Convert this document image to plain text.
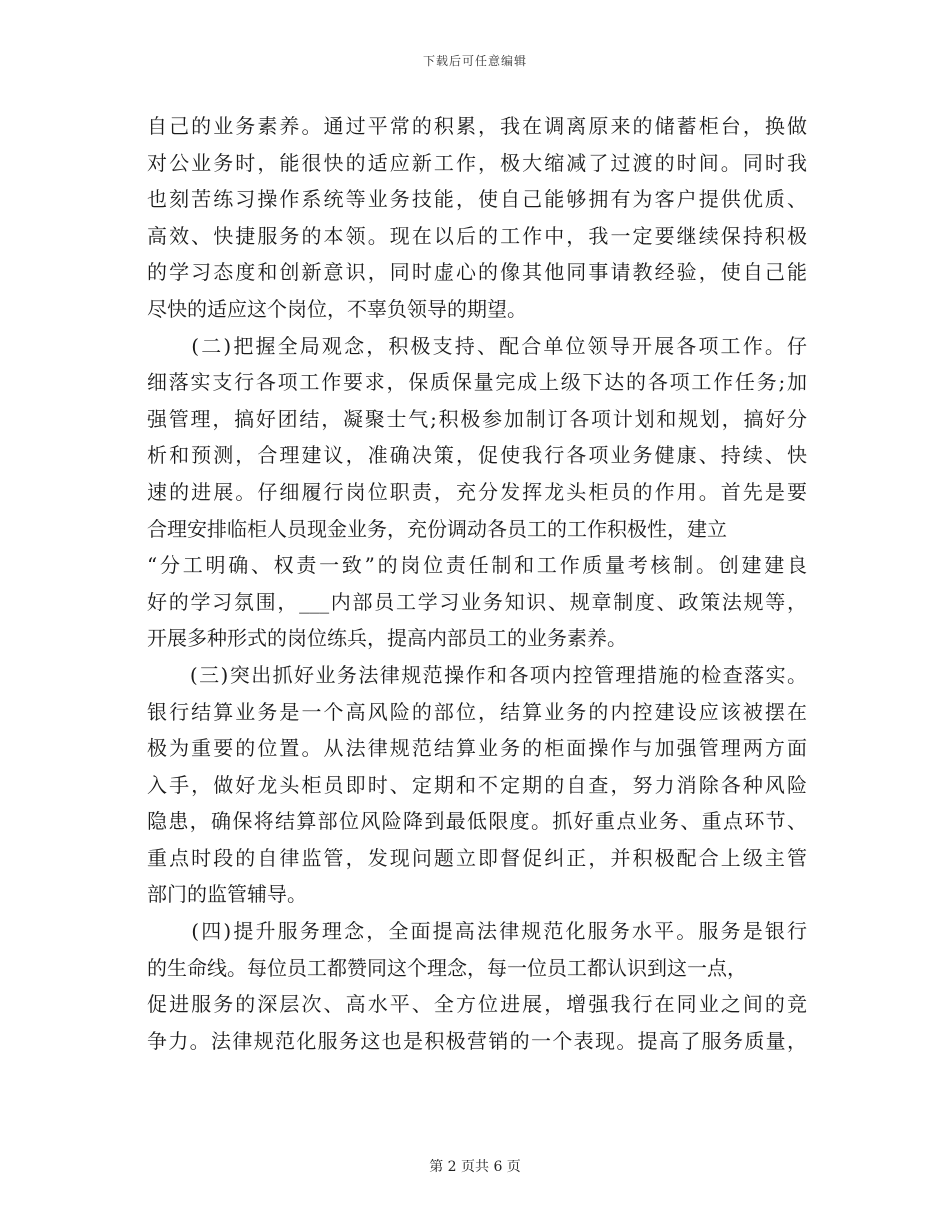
下载后可任意编辑
自己的业务素养。通过平常的积累，我在调离原来的储蓄柜台，换做
对公业务时，能很快的适应新工作，极大缩减了过渡的时间。同时我
也刻苦练习操作系统等业务技能，使自己能够拥有为客户提供优质、
高效、快捷服务的本领。现在以后的工作中，我一定要继续保持积极
的学习态度和创新意识，同时虚心的像其他同事请教经验，使自己能
尽快的适应这个岗位，不辜负领导的期望。
　　(二)把握全局观念，积极支持、配合单位领导开展各项工作。仔
细落实支行各项工作要求，保质保量完成上级下达的各项工作任务;加
强管理，搞好团结，凝聚士气;积极参加制订各项计划和规划，搞好分
析和预测，合理建议，准确决策，促使我行各项业务健康、持续、快
速的进展。仔细履行岗位职责，充分发挥龙头柜员的作用。首先是要
合理安排临柜人员现金业务，充份调动各员工的工作积极性，建立
“分工明确、权责一致”的岗位责任制和工作质量考核制。创建建良
好的学习氛围，___内部员工学习业务知识、规章制度、政策法规等，
开展多种形式的岗位练兵，提高内部员工的业务素养。
　　(三)突出抓好业务法律规范操作和各项内控管理措施的检查落实。
银行结算业务是一个高风险的部位，结算业务的内控建设应该被摆在
极为重要的位置。从法律规范结算业务的柜面操作与加强管理两方面
入手，做好龙头柜员即时、定期和不定期的自查，努力消除各种风险
隐患，确保将结算部位风险降到最低限度。抓好重点业务、重点环节、
重点时段的自律监管，发现问题立即督促纠正，并积极配合上级主管
部门的监管辅导。
　　(四)提升服务理念，全面提高法律规范化服务水平。服务是银行
的生命线。每位员工都赞同这个理念，每一位员工都认识到这一点，
促进服务的深层次、高水平、全方位进展，增强我行在同业之间的竞
争力。法律规范化服务这也是积极营销的一个表现。提高了服务质量，
第 2 页共 6 页
